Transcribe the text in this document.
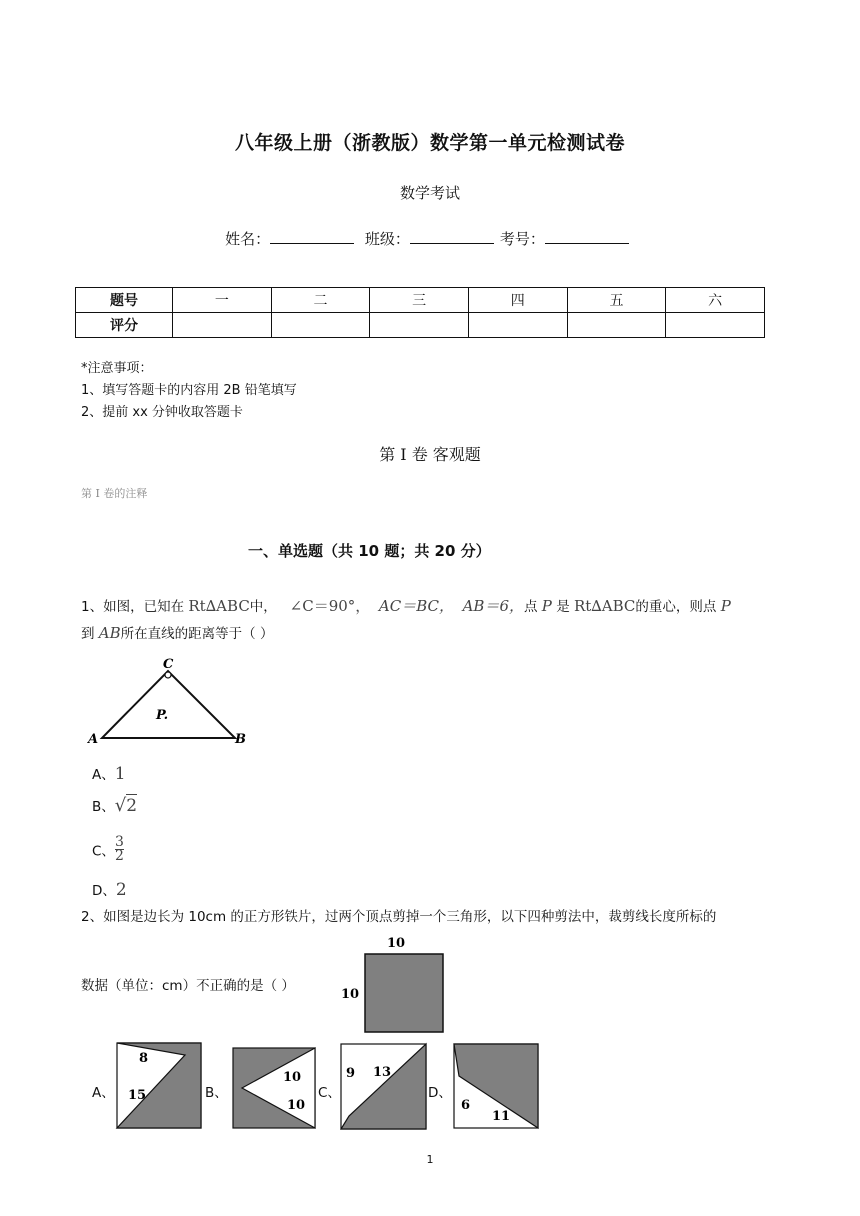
八年级上册（浙教版）数学第一单元检测试卷
数学考试
姓名：	班级：	考号：
题号	一	二	三	四	五	六
评分						
*注意事项：
1、填写答题卡的内容用 2B 铅笔填写
2、提前 xx 分钟收取答题卡
第 I 卷 客观题
第 I 卷的注释
一、单选题（共 10 题；共 20 分）
1、如图，已知在 Rt∆ABC中， ∠C＝90°， AC＝BC， AB＝6，点 P 是 Rt∆ABC的重心，则点 P
到 AB所在直线的距离等于（ ）
C
A	B
P.
A、1
B、√2
C、 $\frac{3}{2}$
D、2
2、如图是边长为 10cm 的正方形铁片，过两个顶点剪掉一个三角形，以下四种剪法中，裁剪线长度所标的
数据（单位：cm）不正确的是（ ）
10
10
A、
8
15	B、
10
10
C、
9 13
D、
6
11
1
